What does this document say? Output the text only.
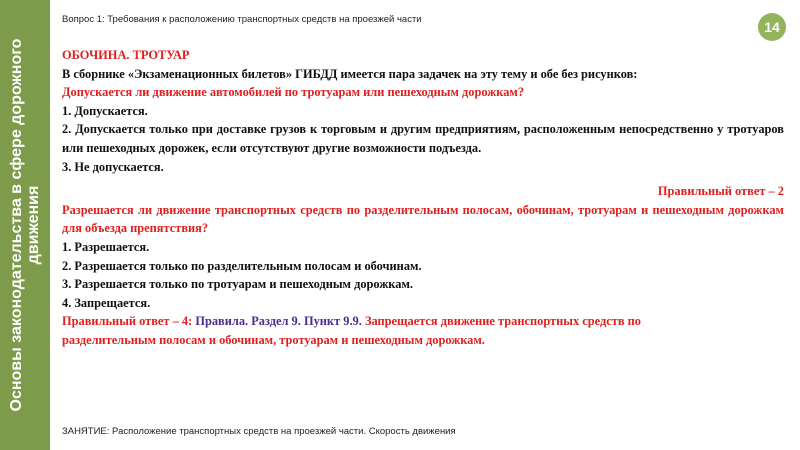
Основы законодательства в сфере дорожного движения
Вопрос 1: Требования к расположению транспортных средств на проезжей части	14

ОБОЧИНА. ТРОТУАР

В сборнике «Экзаменационных билетов» ГИБДД имеется пара задачек на эту тему и обе без рисунков:

Допускается ли движение автомобилей по тротуарам или пешеходным дорожкам?

1. Допускается.

2. Допускается только при доставке грузов к торговым и другим предприятиям, расположенным непосредственно у тротуаров или пешеходных дорожек, если отсутствуют другие возможности подъезда.

3. Не допускается.

Правильный ответ – 2

Разрешается ли движение транспортных средств по разделительным полосам, обочинам, тротуарам и пешеходным дорожкам для объезда препятствия?

1. Разрешается.

2. Разрешается только по разделительным полосам и обочинам.

3. Разрешается только по тротуарам и пешеходным дорожкам.

4. Запрещается.

Правильный ответ – 4: Правила. Раздел 9. Пункт 9.9. Запрещается движение транспортных средств по разделительным полосам и обочинам, тротуарам и пешеходным дорожкам.

ЗАНЯТИЕ: Расположение транспортных средств на проезжей части. Скорость движения
